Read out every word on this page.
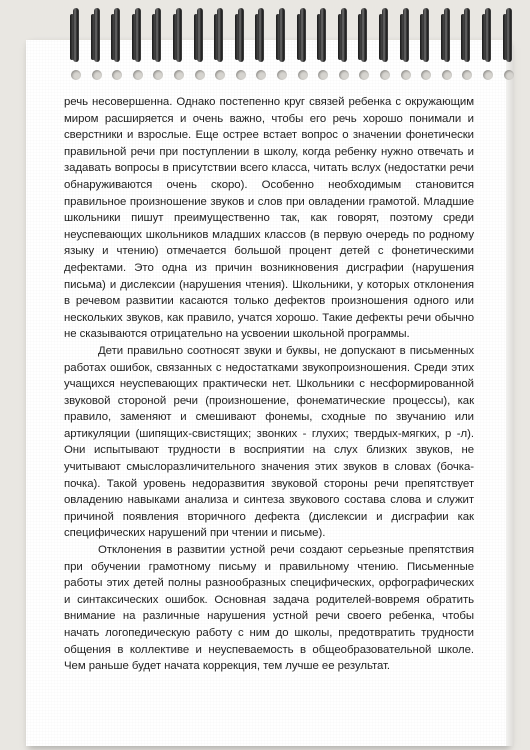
речь несовершенна. Однако постепенно круг связей ребенка с окружающим миром расширяется и очень важно, чтобы его речь хорошо понимали и сверстники и взрослые. Еще острее встает вопрос о значении фонетически правильной речи при поступлении в школу, когда ребенку нужно отвечать и задавать вопросы в присутствии всего класса, читать вслух (недостатки речи обнаруживаются очень скоро). Особенно необходимым становится правильное произношение звуков и слов при овладении грамотой. Младшие школьники пишут преимущественно так, как говорят, поэтому среди неуспевающих школьников младших классов (в первую очередь по родному языку и чтению) отмечается большой процент детей с фонетическими дефектами. Это одна из причин возникновения дисграфии (нарушения письма) и дислексии (нарушения чтения). Школьники, у которых отклонения в речевом развитии касаются только дефектов произношения одного или нескольких звуков, как правило, учатся хорошо. Такие дефекты речи обычно не сказываются отрицательно на усвоении школьной программы.

Дети правильно соотносят звуки и буквы, не допускают в письменных работах ошибок, связанных с недостатками звукопроизношения. Среди этих учащихся неуспевающих практически нет. Школьники с несформированной звуковой стороной речи (произношение, фонематические процессы), как правило, заменяют и смешивают фонемы, сходные по звучанию или артикуляции (шипящих-свистящих; звонких - глухих; твердых-мягких, р -л). Они испытывают трудности в восприятии на слух близких звуков, не учитывают смыслоразличительного значения этих звуков в словах (бочка-почка). Такой уровень недоразвития звуковой стороны речи препятствует овладению навыками анализа и синтеза звукового состава слова и служит причиной появления вторичного дефекта (дислексии и дисграфии как специфических нарушений при чтении и письме).

Отклонения в развитии устной речи создают серьезные препятствия при обучении грамотному письму и правильному чтению. Письменные работы этих детей полны разнообразных специфических, орфографических и синтаксических ошибок. Основная задача родителей-вовремя обратить внимание на различные нарушения устной речи своего ребенка, чтобы начать логопедическую работу с ним до школы, предотвратить трудности общения в коллективе и неуспеваемость в общеобразовательной школе. Чем раньше будет начата коррекция, тем лучше ее результат.
